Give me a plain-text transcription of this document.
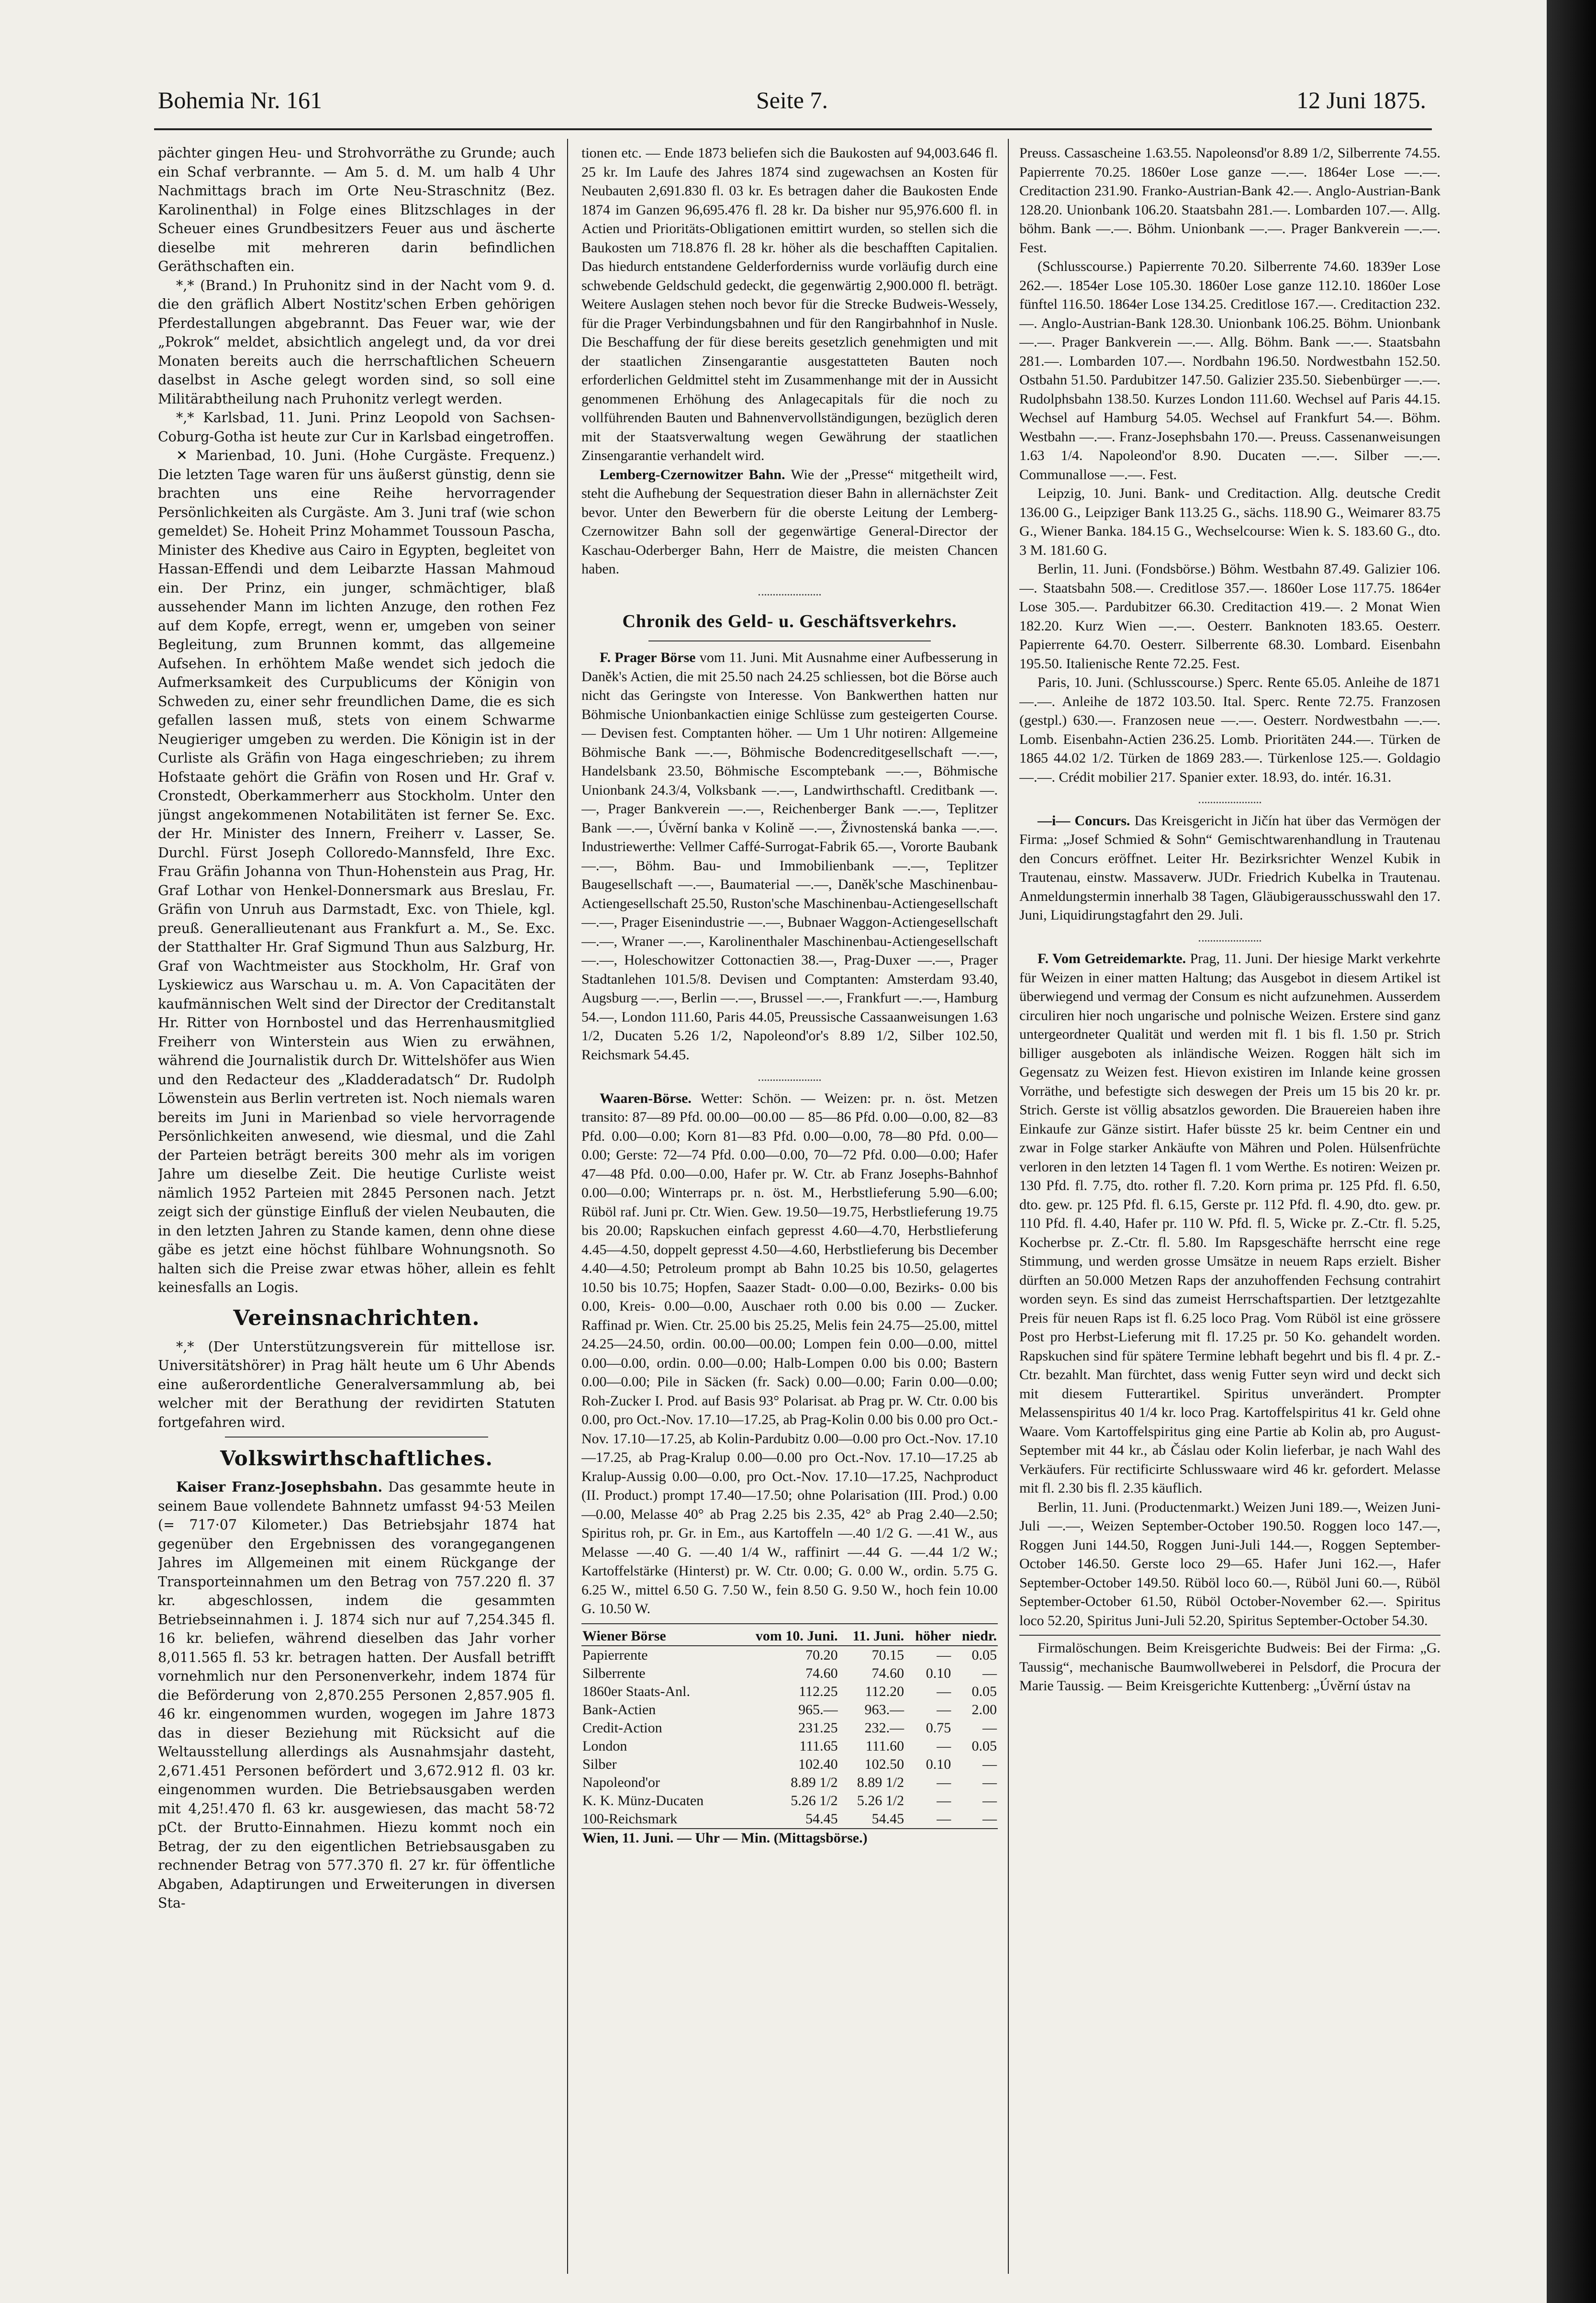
Bohemia Nr. 161	Seite 7.	12 Juni 1875.

pächter gingen Heu- und Strohvorräthe zu Grunde; auch ein Schaf verbrannte. — Am 5. d. M. um halb 4 Uhr Nachmittags brach im Orte Neu-Straschnitz (Bez. Karolinenthal) in Folge eines Blitzschlages in der Scheuer eines Grundbesitzers Feuer aus und äscherte dieselbe mit mehreren darin befindlichen Geräthschaften ein.

*,* (Brand.) In Pruhonitz sind in der Nacht vom 9. d. die den gräflich Albert Nostitz'schen Erben gehörigen Pferdestallungen abgebrannt. Das Feuer war, wie der „Pokrok“ meldet, absichtlich angelegt und, da vor drei Monaten bereits auch die herrschaftlichen Scheuern daselbst in Asche gelegt worden sind, so soll eine Militärabtheilung nach Pruhonitz verlegt werden.

*,* Karlsbad, 11. Juni. Prinz Leopold von Sachsen-Coburg-Gotha ist heute zur Cur in Karlsbad eingetroffen.

✕ Marienbad, 10. Juni. (Hohe Curgäste. Frequenz.) Die letzten Tage waren für uns äußerst günstig, denn sie brachten uns eine Reihe hervorragender Persönlichkeiten als Curgäste. Am 3. Juni traf (wie schon gemeldet) Se. Hoheit Prinz Mohammet Toussoun Pascha, Minister des Khedive aus Cairo in Egypten, begleitet von Hassan-Effendi und dem Leibarzte Hassan Mahmoud ein. Der Prinz, ein junger, schmächtiger, blaß aussehender Mann im lichten Anzuge, den rothen Fez auf dem Kopfe, erregt, wenn er, umgeben von seiner Begleitung, zum Brunnen kommt, das allgemeine Aufsehen. In erhöhtem Maße wendet sich jedoch die Aufmerksamkeit des Curpublicums der Königin von Schweden zu, einer sehr freundlichen Dame, die es sich gefallen lassen muß, stets von einem Schwarme Neugieriger umgeben zu werden. Die Königin ist in der Curliste als Gräfin von Haga eingeschrieben; zu ihrem Hofstaate gehört die Gräfin von Rosen und Hr. Graf v. Cronstedt, Oberkammerherr aus Stockholm. Unter den jüngst angekommenen Notabilitäten ist ferner Se. Exc. der Hr. Minister des Innern, Freiherr v. Lasser, Se. Durchl. Fürst Joseph Colloredo-Mannsfeld, Ihre Exc. Frau Gräfin Johanna von Thun-Hohenstein aus Prag, Hr. Graf Lothar von Henkel-Donnersmark aus Breslau, Fr. Gräfin von Unruh aus Darmstadt, Exc. von Thiele, kgl. preuß. Generallieutenant aus Frankfurt a. M., Se. Exc. der Statthalter Hr. Graf Sigmund Thun aus Salzburg, Hr. Graf von Wachtmeister aus Stockholm, Hr. Graf von Lyskiewicz aus Warschau u. m. A. Von Capacitäten der kaufmännischen Welt sind der Director der Creditanstalt Hr. Ritter von Hornbostel und das Herrenhausmitglied Freiherr von Winterstein aus Wien zu erwähnen, während die Journalistik durch Dr. Wittelshöfer aus Wien und den Redacteur des „Kladderadatsch“ Dr. Rudolph Löwenstein aus Berlin vertreten ist. Noch niemals waren bereits im Juni in Marienbad so viele hervorragende Persönlichkeiten anwesend, wie diesmal, und die Zahl der Parteien beträgt bereits 300 mehr als im vorigen Jahre um dieselbe Zeit. Die heutige Curliste weist nämlich 1952 Parteien mit 2845 Personen nach. Jetzt zeigt sich der günstige Einfluß der vielen Neubauten, die in den letzten Jahren zu Stande kamen, denn ohne diese gäbe es jetzt eine höchst fühlbare Wohnungsnoth. So halten sich die Preise zwar etwas höher, allein es fehlt keinesfalls an Logis.

Vereinsnachrichten.

*,* (Der Unterstützungsverein für mittellose isr. Universitätshörer) in Prag hält heute um 6 Uhr Abends eine außerordentliche Generalversammlung ab, bei welcher mit der Berathung der revidirten Statuten fortgefahren wird.

Volkswirthschaftliches.

Kaiser Franz-Josephsbahn. Das gesammte heute in seinem Baue vollendete Bahnnetz umfasst 94·53 Meilen (= 717·07 Kilometer.) Das Betriebsjahr 1874 hat gegenüber den Ergebnissen des vorangegangenen Jahres im Allgemeinen mit einem Rückgange der Transporteinnahmen um den Betrag von 757.220 fl. 37 kr. abgeschlossen, indem die gesammten Betriebseinnahmen i. J. 1874 sich nur auf 7,254.345 fl. 16 kr. beliefen, während dieselben das Jahr vorher 8,011.565 fl. 53 kr. betragen hatten. Der Ausfall betrifft vornehmlich nur den Personenverkehr, indem 1874 für die Beförderung von 2,870.255 Personen 2,857.905 fl. 46 kr. eingenommen wurden, wogegen im Jahre 1873 das in dieser Beziehung mit Rücksicht auf die Weltausstellung allerdings als Ausnahmsjahr dasteht, 2,671.451 Personen befördert und 3,672.912 fl. 03 kr. eingenommen wurden. Die Betriebsausgaben werden mit 4,25!.470 fl. 63 kr. ausgewiesen, das macht 58·72 pCt. der Brutto-Einnahmen. Hiezu kommt noch ein Betrag, der zu den eigentlichen Betriebsausgaben zu rechnender Betrag von 577.370 fl. 27 kr. für öffentliche Abgaben, Adaptirungen und Erweiterungen in diversen Sta-

tionen etc. — Ende 1873 beliefen sich die Baukosten auf 94,003.646 fl. 25 kr. Im Laufe des Jahres 1874 sind zugewachsen an Kosten für Neubauten 2,691.830 fl. 03 kr. Es betragen daher die Baukosten Ende 1874 im Ganzen 96,695.476 fl. 28 kr. Da bisher nur 95,976.600 fl. in Actien und Prioritäts-Obligationen emittirt wurden, so stellen sich die Baukosten um 718.876 fl. 28 kr. höher als die beschafften Capitalien. Das hiedurch entstandene Gelderforderniss wurde vorläufig durch eine schwebende Geldschuld gedeckt, die gegenwärtig 2,900.000 fl. beträgt. Weitere Auslagen stehen noch bevor für die Strecke Budweis-Wessely, für die Prager Verbindungsbahnen und für den Rangirbahnhof in Nusle. Die Beschaffung der für diese bereits gesetzlich genehmigten und mit der staatlichen Zinsengarantie ausgestatteten Bauten noch erforderlichen Geldmittel steht im Zusammenhange mit der in Aussicht genommenen Erhöhung des Anlagecapitals für die noch zu vollführenden Bauten und Bahnenvervollständigungen, bezüglich deren mit der Staatsverwaltung wegen Gewährung der staatlichen Zinsengarantie verhandelt wird.

Lemberg-Czernowitzer Bahn. Wie der „Presse“ mitgetheilt wird, steht die Aufhebung der Sequestration dieser Bahn in allernächster Zeit bevor. Unter den Bewerbern für die oberste Leitung der Lemberg-Czernowitzer Bahn soll der gegenwärtige General-Director der Kaschau-Oderberger Bahn, Herr de Maistre, die meisten Chancen haben.

Chronik des Geld- u. Geschäftsverkehrs.

F. Prager Börse vom 11. Juni. Mit Ausnahme einer Aufbesserung in Daněk's Actien, die mit 25.50 nach 24.25 schliessen, bot die Börse auch nicht das Geringste von Interesse. Von Bankwerthen hatten nur Böhmische Unionbankactien einige Schlüsse zum gesteigerten Course. — Devisen fest. Comptanten höher. — Um 1 Uhr notiren: Allgemeine Böhmische Bank —.—, Böhmische Bodencreditgesellschaft —.—, Handelsbank 23.50, Böhmische Escomptebank —.—, Böhmische Unionbank 24.3/4, Volksbank —.—, Landwirthschaftl. Creditbank —.—, Prager Bankverein —.—, Reichenberger Bank —.—, Teplitzer Bank —.—, Úvěrní banka v Kolině —.—, Živnostenská banka —.—. Industriewerthe: Vellmer Caffé-Surrogat-Fabrik 65.—, Vororte Baubank —.—, Böhm. Bau- und Immobilienbank —.—, Teplitzer Baugesellschaft —.—, Baumaterial —.—, Daněk'sche Maschinenbau-Actiengesellschaft 25.50, Ruston'sche Maschinenbau-Actiengesellschaft —.—, Prager Eisenindustrie —.—, Bubnaer Waggon-Actiengesellschaft —.—, Wraner —.—, Karolinenthaler Maschinenbau-Actiengesellschaft —.—, Holeschowitzer Cottonactien 38.—, Prag-Duxer —.—, Prager Stadtanlehen 101.5/8. Devisen und Comptanten: Amsterdam 93.40, Augsburg —.—, Berlin —.—, Brussel —.—, Frankfurt —.—, Hamburg 54.—, London 111.60, Paris 44.05, Preussische Cassaanweisungen 1.63 1/2, Ducaten 5.26 1/2, Napoleond'or's 8.89 1/2, Silber 102.50, Reichsmark 54.45.

Waaren-Börse. Wetter: Schön. — Weizen: pr. n. öst. Metzen transito: 87—89 Pfd. 00.00—00.00 — 85—86 Pfd. 0.00—0.00, 82—83 Pfd. 0.00—0.00; Korn 81—83 Pfd. 0.00—0.00, 78—80 Pfd. 0.00—0.00; Gerste: 72—74 Pfd. 0.00—0.00, 70—72 Pfd. 0.00—0.00; Hafer 47—48 Pfd. 0.00—0.00, Hafer pr. W. Ctr. ab Franz Josephs-Bahnhof 0.00—0.00; Winterraps pr. n. öst. M., Herbstlieferung 5.90—6.00; Rüböl raf. Juni pr. Ctr. Wien. Gew. 19.50—19.75, Herbstlieferung 19.75 bis 20.00; Rapskuchen einfach gepresst 4.60—4.70, Herbstlieferung 4.45—4.50, doppelt gepresst 4.50—4.60, Herbstlieferung bis December 4.40—4.50; Petroleum prompt ab Bahn 10.25 bis 10.50, gelagertes 10.50 bis 10.75; Hopfen, Saazer Stadt- 0.00—0.00, Bezirks- 0.00 bis 0.00, Kreis- 0.00—0.00, Auschaer roth 0.00 bis 0.00 — Zucker. Raffinad pr. Wien. Ctr. 25.00 bis 25.25, Melis fein 24.75—25.00, mittel 24.25—24.50, ordin. 00.00—00.00; Lompen fein 0.00—0.00, mittel 0.00—0.00, ordin. 0.00—0.00; Halb-Lompen 0.00 bis 0.00; Bastern 0.00—0.00; Pile in Säcken (fr. Sack) 0.00—0.00; Farin 0.00—0.00; Roh-Zucker I. Prod. auf Basis 93° Polarisat. ab Prag pr. W. Ctr. 0.00 bis 0.00, pro Oct.-Nov. 17.10—17.25, ab Prag-Kolin 0.00 bis 0.00 pro Oct.-Nov. 17.10—17.25, ab Kolin-Pardubitz 0.00—0.00 pro Oct.-Nov. 17.10—17.25, ab Prag-Kralup 0.00—0.00 pro Oct.-Nov. 17.10—17.25 ab Kralup-Aussig 0.00—0.00, pro Oct.-Nov. 17.10—17.25, Nachproduct (II. Product.) prompt 17.40—17.50; ohne Polarisation (III. Prod.) 0.00—0.00, Melasse 40° ab Prag 2.25 bis 2.35, 42° ab Prag 2.40—2.50; Spiritus roh, pr. Gr. in Em., aus Kartoffeln —.40 1/2 G. —.41 W., aus Melasse —.40 G. —.40 1/4 W., raffinirt —.44 G. —.44 1/2 W.; Kartoffelstärke (Hinterst) pr. W. Ctr. 0.00; G. 0.00 W., ordin. 5.75 G. 6.25 W., mittel 6.50 G. 7.50 W., fein 8.50 G. 9.50 W., hoch fein 10.00 G. 10.50 W.

Wiener Börse	vom 10. Juni.	11. Juni.	höher	niedr.
Papierrente	70.20	70.15	—	0.05
Silberrente	74.60	74.60	0.10	—
1860er Staats-Anl.	112.25	112.20	—	0.05
Bank-Actien	965.—	963.—	—	2.00
Credit-Action	231.25	232.—	0.75	—
London	111.65	111.60	—	0.05
Silber	102.40	102.50	0.10	—
Napoleond'or	8.89 1/2	8.89 1/2	—	—
K. K. Münz-Ducaten	5.26 1/2	5.26 1/2	—	—
100-Reichsmark	54.45	54.45	—	—
Wien, 11. Juni. — Uhr — Min. (Mittagsbörse.)				

Preuss. Cassascheine 1.63.55. Napoleonsd'or 8.89 1/2, Silberrente 74.55. Papierrente 70.25. 1860er Lose ganze —.—. 1864er Lose —.—. Creditaction 231.90. Franko-Austrian-Bank 42.—. Anglo-Austrian-Bank 128.20. Unionbank 106.20. Staatsbahn 281.—. Lombarden 107.—. Allg. böhm. Bank —.—. Böhm. Unionbank —.—. Prager Bankverein —.—. Fest.

(Schlusscourse.) Papierrente 70.20. Silberrente 74.60. 1839er Lose 262.—. 1854er Lose 105.30. 1860er Lose ganze 112.10. 1860er Lose fünftel 116.50. 1864er Lose 134.25. Creditlose 167.—. Creditaction 232.—. Anglo-Austrian-Bank 128.30. Unionbank 106.25. Böhm. Unionbank —.—. Prager Bankverein —.—. Allg. Böhm. Bank —.—. Staatsbahn 281.—. Lombarden 107.—. Nordbahn 196.50. Nordwestbahn 152.50. Ostbahn 51.50. Pardubitzer 147.50. Galizier 235.50. Siebenbürger —.—. Rudolphsbahn 138.50. Kurzes London 111.60. Wechsel auf Paris 44.15. Wechsel auf Hamburg 54.05. Wechsel auf Frankfurt 54.—. Böhm. Westbahn —.—. Franz-Josephsbahn 170.—. Preuss. Cassenanweisungen 1.63 1/4. Napoleond'or 8.90. Ducaten —.—. Silber —.—. Communallose —.—. Fest.

Leipzig, 10. Juni. Bank- und Creditaction. Allg. deutsche Credit 136.00 G., Leipziger Bank 113.25 G., sächs. 118.90 G., Weimarer 83.75 G., Wiener Banka. 184.15 G., Wechselcourse: Wien k. S. 183.60 G., dto. 3 M. 181.60 G.

Berlin, 11. Juni. (Fondsbörse.) Böhm. Westbahn 87.49. Galizier 106.—. Staatsbahn 508.—. Creditlose 357.—. 1860er Lose 117.75. 1864er Lose 305.—. Pardubitzer 66.30. Creditaction 419.—. 2 Monat Wien 182.20. Kurz Wien —.—. Oesterr. Banknoten 183.65. Oesterr. Papierrente 64.70. Oesterr. Silberrente 68.30. Lombard. Eisenbahn 195.50. Italienische Rente 72.25. Fest.

Paris, 10. Juni. (Schlusscourse.) Sperc. Rente 65.05. Anleihe de 1871 —.—. Anleihe de 1872 103.50. Ital. Sperc. Rente 72.75. Franzosen (gestpl.) 630.—. Franzosen neue —.—. Oesterr. Nordwestbahn —.—. Lomb. Eisenbahn-Actien 236.25. Lomb. Prioritäten 244.—. Türken de 1865 44.02 1/2. Türken de 1869 283.—. Türkenlose 125.—. Goldagio —.—. Crédit mobilier 217. Spanier exter. 18.93, do. intér. 16.31.

—i— Concurs. Das Kreisgericht in Jičín hat über das Vermögen der Firma: „Josef Schmied & Sohn“ Gemischtwarenhandlung in Trautenau den Concurs eröffnet. Leiter Hr. Bezirksrichter Wenzel Kubik in Trautenau, einstw. Massaverw. JUDr. Friedrich Kubelka in Trautenau. Anmeldungstermin innerhalb 38 Tagen, Gläubigerausschusswahl den 17. Juni, Liquidirungstagfahrt den 29. Juli.

F. Vom Getreidemarkte. Prag, 11. Juni. Der hiesige Markt verkehrte für Weizen in einer matten Haltung; das Ausgebot in diesem Artikel ist überwiegend und vermag der Consum es nicht aufzunehmen. Ausserdem circuliren hier noch ungarische und polnische Weizen. Erstere sind ganz untergeordneter Qualität und werden mit fl. 1 bis fl. 1.50 pr. Strich billiger ausgeboten als inländische Weizen. Roggen hält sich im Gegensatz zu Weizen fest. Hievon existiren im Inlande keine grossen Vorräthe, und befestigte sich deswegen der Preis um 15 bis 20 kr. pr. Strich. Gerste ist völlig absatzlos geworden. Die Brauereien haben ihre Einkaufe zur Gänze sistirt. Hafer büsste 25 kr. beim Centner ein und zwar in Folge starker Ankäufte von Mähren und Polen. Hülsenfrüchte verloren in den letzten 14 Tagen fl. 1 vom Werthe. Es notiren: Weizen pr. 130 Pfd. fl. 7.75, dto. rother fl. 7.20. Korn prima pr. 125 Pfd. fl. 6.50, dto. gew. pr. 125 Pfd. fl. 6.15, Gerste pr. 112 Pfd. fl. 4.90, dto. gew. pr. 110 Pfd. fl. 4.40, Hafer pr. 110 W. Pfd. fl. 5, Wicke pr. Z.-Ctr. fl. 5.25, Kocherbse pr. Z.-Ctr. fl. 5.80. Im Rapsgeschäfte herrscht eine rege Stimmung, und werden grosse Umsätze in neuem Raps erzielt. Bisher dürften an 50.000 Metzen Raps der anzuhoffenden Fechsung contrahirt worden seyn. Es sind das zumeist Herrschaftspartien. Der letztgezahlte Preis für neuen Raps ist fl. 6.25 loco Prag. Vom Rüböl ist eine grössere Post pro Herbst-Lieferung mit fl. 17.25 pr. 50 Ko. gehandelt worden. Rapskuchen sind für spätere Termine lebhaft begehrt und bis fl. 4 pr. Z.-Ctr. bezahlt. Man fürchtet, dass wenig Futter seyn wird und deckt sich mit diesem Futterartikel. Spiritus unverändert. Prompter Melassenspiritus 40 1/4 kr. loco Prag. Kartoffelspiritus 41 kr. Geld ohne Waare. Vom Kartoffelspiritus ging eine Partie ab Kolin ab, pro August-September mit 44 kr., ab Čáslau oder Kolin lieferbar, je nach Wahl des Verkäufers. Für rectificirte Schlusswaare wird 46 kr. gefordert. Melasse mit fl. 2.30 bis fl. 2.35 käuflich.

Berlin, 11. Juni. (Productenmarkt.) Weizen Juni 189.—, Weizen Juni-Juli —.—, Weizen September-October 190.50. Roggen loco 147.—, Roggen Juni 144.50, Roggen Juni-Juli 144.—, Roggen September-October 146.50. Gerste loco 29—65. Hafer Juni 162.—, Hafer September-October 149.50. Rüböl loco 60.—, Rüböl Juni 60.—, Rüböl September-October 61.50, Rüböl October-November 62.—. Spiritus loco 52.20, Spiritus Juni-Juli 52.20, Spiritus September-October 54.30.

Firmalöschungen. Beim Kreisgerichte Budweis: Bei der Firma: „G. Taussig“, mechanische Baumwollweberei in Pelsdorf, die Procura der Marie Taussig. — Beim Kreisgerichte Kuttenberg: „Úvěrní ústav na
